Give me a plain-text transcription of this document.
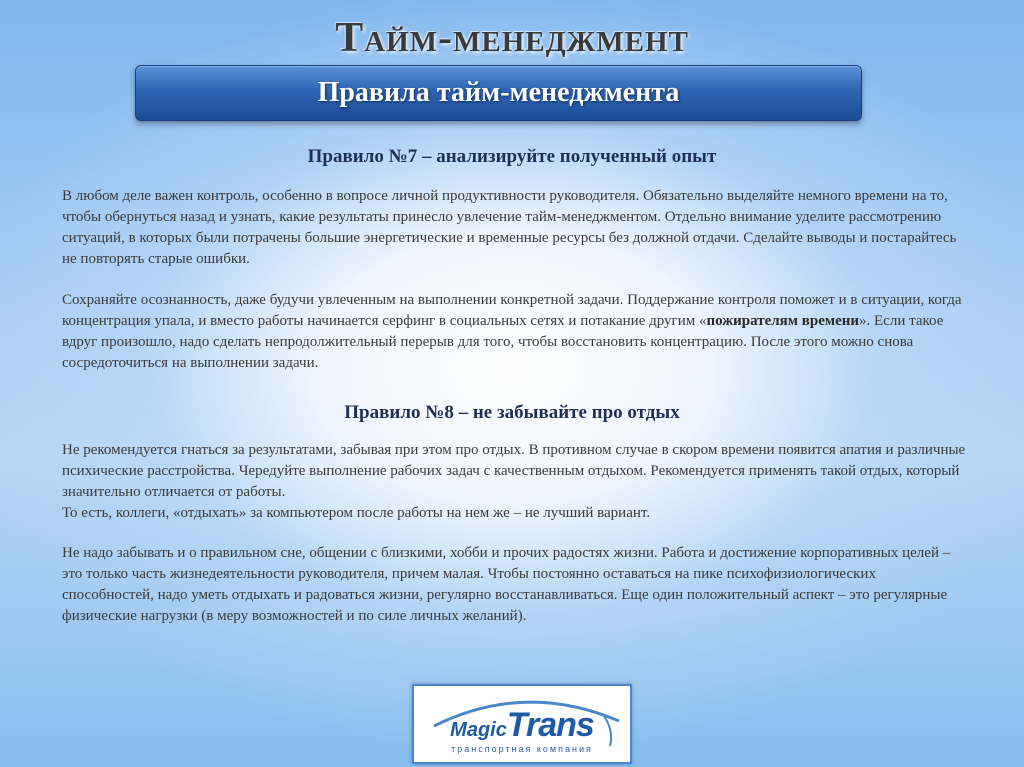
Тайм-менеджмент
Правила тайм-менеджмента
Правило №7 – анализируйте полученный опыт

В любом деле важен контроль, особенно в вопросе личной продуктивности руководителя. Обязательно выделяйте немного времени на то, чтобы обернуться назад и узнать, какие результаты принесло увлечение тайм-менеджментом. Отдельно внимание уделите рассмотрению ситуаций, в которых были потрачены большие энергетические и временные ресурсы без должной отдачи. Сделайте выводы и постарайтесь не повторять старые ошибки.

Сохраняйте осознанность, даже будучи увлеченным на выполнении конкретной задачи. Поддержание контроля поможет и в ситуации, когда концентрация упала, и вместо работы начинается серфинг в социальных сетях и потакание другим «пожирателям времени». Если такое вдруг произошло, надо сделать непродолжительный перерыв для того, чтобы восстановить концентрацию. После этого можно снова сосредоточиться на выполнении задачи.

Правило №8 – не забывайте про отдых

Не рекомендуется гнаться за результатами, забывая при этом про отдых. В противном случае в скором времени появится апатия и различные психические расстройства. Чередуйте выполнение рабочих задач с качественным отдыхом. Рекомендуется применять такой отдых, который значительно отличается от работы.

То есть, коллеги, «отдыхать» за компьютером после работы на нем же – не лучший вариант.

Не надо забывать и о правильном сне, общении с близкими, хобби и прочих радостях жизни. Работа и достижение корпоративных целей – это только часть жизнедеятельности руководителя, причем малая. Чтобы постоянно оставаться на пике психофизиологических способностей, надо уметь отдыхать и радоваться жизни, регулярно восстанавливаться. Еще один положительный аспект – это регулярные физические нагрузки (в меру возможностей и по силе личных желаний).

MagicTrans
транспортная компания
